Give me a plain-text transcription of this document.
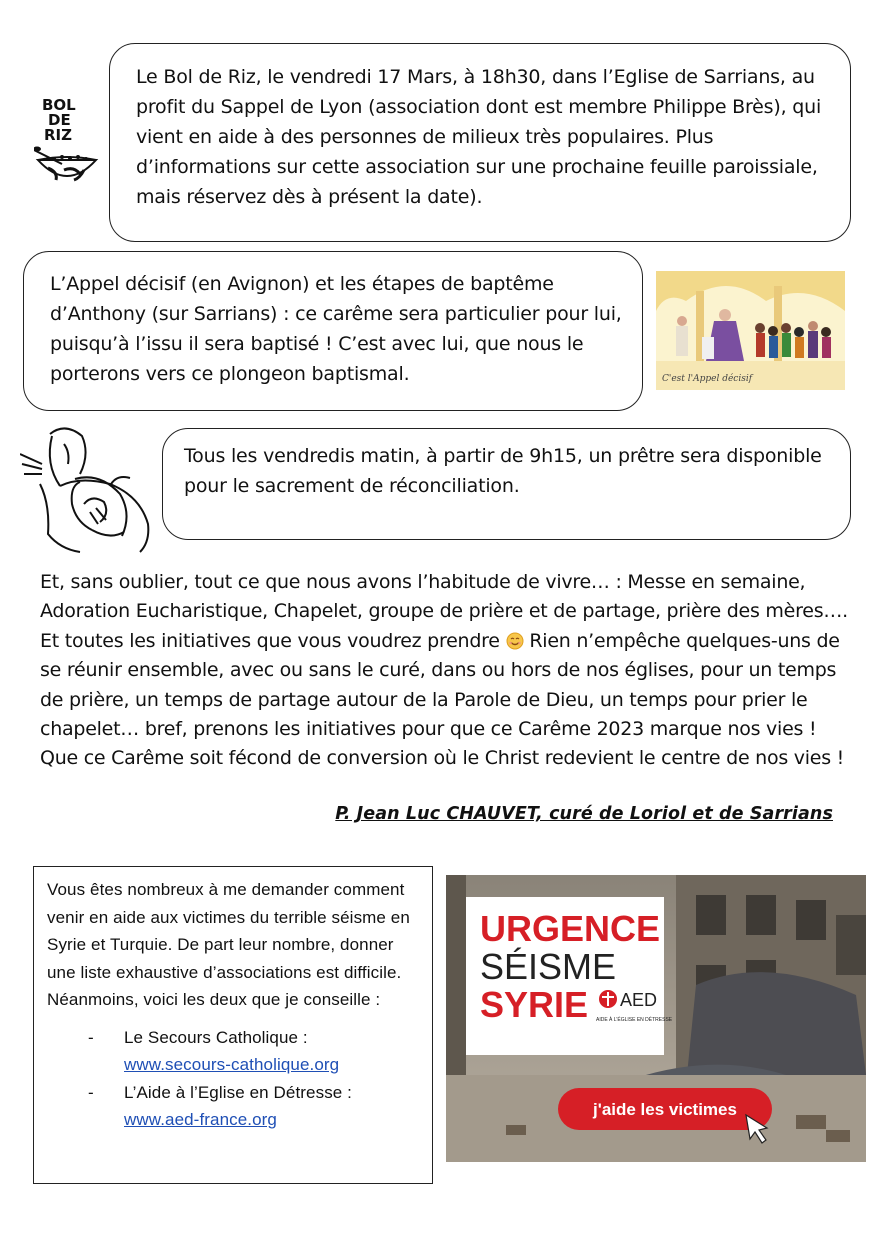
BOL
DE
RIZ

Le Bol de Riz, le vendredi 17 Mars, à 18h30, dans l’Eglise de Sarrians, au profit du Sappel de Lyon (association dont est membre Philippe Brès), qui vient en aide à des personnes de milieux très populaires. Plus d’informations sur cette association sur une prochaine feuille paroissiale, mais réservez dès à présent la date).

L’Appel décisif (en Avignon) et les étapes de baptême d’Anthony (sur Sarrians) : ce carême sera particulier pour lui, puisqu’à l’issu il sera baptisé ! C’est avec lui, que nous le porterons vers ce plongeon baptismal.	C'est l'Appel décisif

Tous les vendredis matin, à partir de 9h15, un prêtre sera disponible pour le sacrement de réconciliation.

Et, sans oublier, tout ce que nous avons l’habitude de vivre… : Messe en semaine, Adoration Eucharistique, Chapelet, groupe de prière et de partage, prière des mères…. Et toutes les initiatives que vous voudrez prendre  Rien n’empêche quelques-uns de se réunir ensemble, avec ou sans le curé, dans ou hors de nos églises, pour un temps de prière, un temps de partage autour de la Parole de Dieu, un temps pour prier le chapelet… bref, prenons les initiatives pour que ce Carême 2023 marque nos vies ! Que ce Carême soit fécond de conversion où le Christ redevient le centre de nos vies !

P. Jean Luc CHAUVET, curé de Loriol et de Sarrians

Vous êtes nombreux à me demander comment venir en aide aux victimes du terrible séisme en Syrie et Turquie. De part leur nombre, donner une liste exhaustive d’associations est difficile. Néanmoins, voici les deux que je conseille :

- Le Secours Catholique :
www.secours-catholique.org
- L’Aide à l’Eglise en Détresse :
www.aed-france.org
URGENCE
SÉISME
SYRIE AED
AIDE À L’ÉGLISE EN DÉTRESSE
j'aide les victimes
